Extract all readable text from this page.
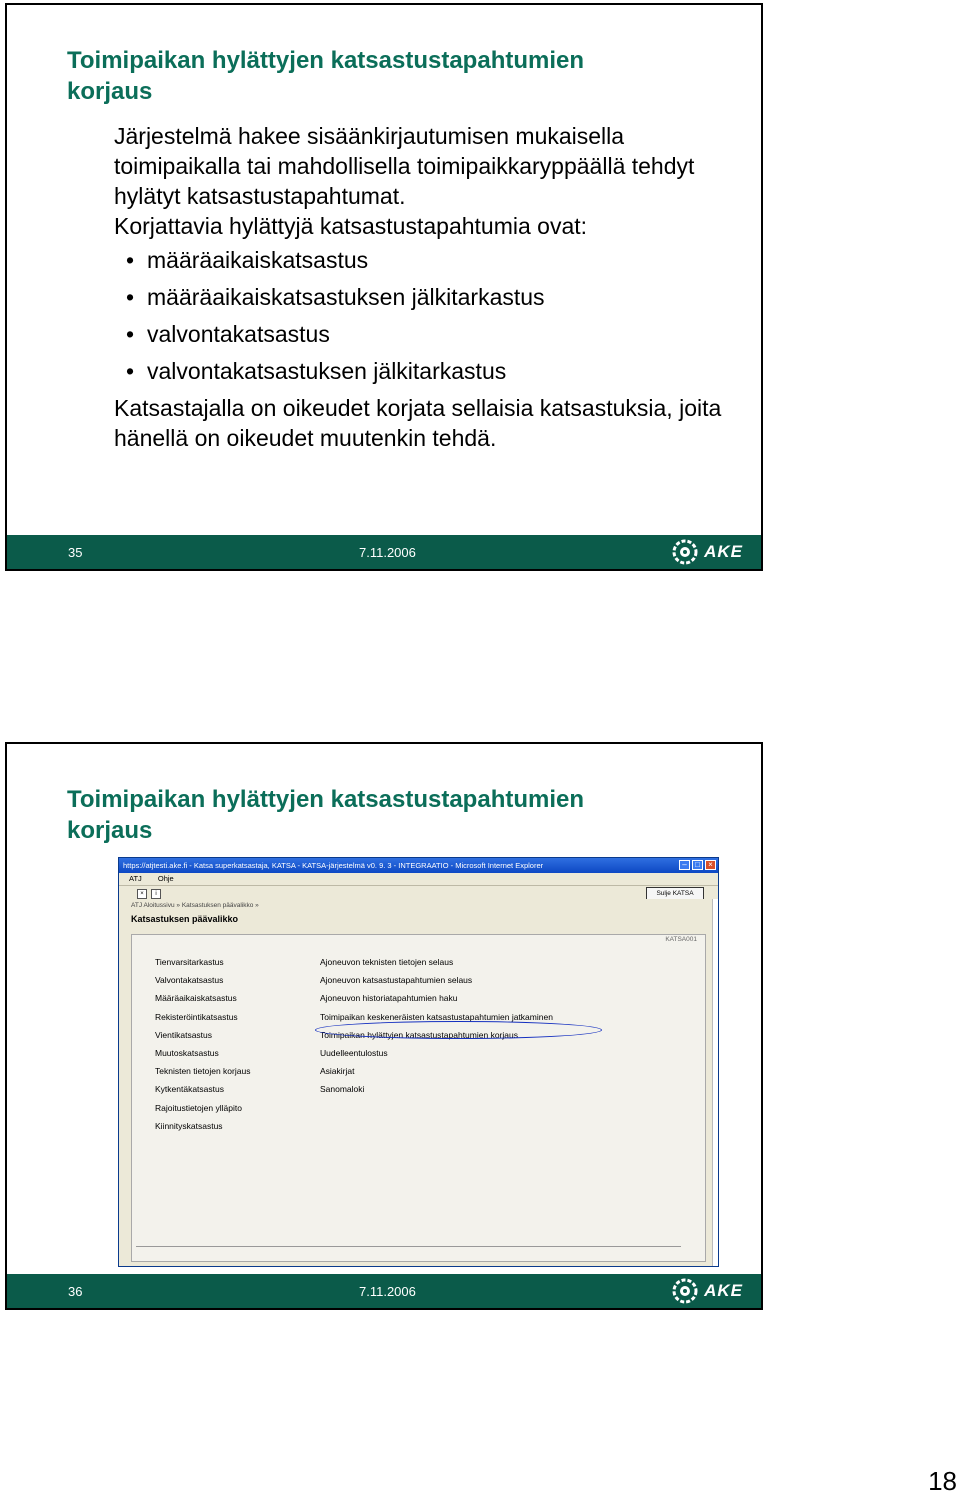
Toimipaikan hylättyjen katsastustapahtumien korjaus

Järjestelmä hakee sisäänkirjautumisen mukaisella toimipaikalla tai mahdollisella toimipaikkaryppäällä tehdyt hylätyt katsastustapahtumat.

Korjattavia hylättyjä katsastustapahtumia ovat:

• määräaikaiskatsastus
• määräaikaiskatsastuksen jälkitarkastus
• valvontakatsastus
• valvontakatsastuksen jälkitarkastus

Katsastajalla on oikeudet korjata sellaisia katsastuksia, joita hänellä on oikeudet muutenkin tehdä.

35	7.11.2006	AKE
Toimipaikan hylättyjen katsastustapahtumien korjaus
https://atjtesti.ake.fi - Katsa superkatsastaja, KATSA - KATSA-järjestelmä v0. 9. 3 - INTEGRAATIO - Microsoft Internet Explorer	–	□	×
ATJ Ohje
×	i	Sulje KATSA
ATJ Aloitussivu » Katsastuksen päävalikko »
Katsastuksen päävalikko
KATSA001
Tienvarsitarkastus
Valvontakatsastus
Määräaikaiskatsastus
Rekisteröintikatsastus
Vientikatsastus
Muutoskatsastus
Teknisten tietojen korjaus
Kytkentäkatsastus
Rajoitustietojen ylläpito
Kiinnityskatsastus
Ajoneuvon teknisten tietojen selaus
Ajoneuvon katsastustapahtumien selaus
Ajoneuvon historiatapahtumien haku
Toimipaikan keskeneräisten katsastustapahtumien jatkaminen
Toimipaikan hylättyjen katsastustapahtumien korjaus
Uudelleentulostus
Asiakirjat
Sanomaloki
36	7.11.2006	AKE
18
